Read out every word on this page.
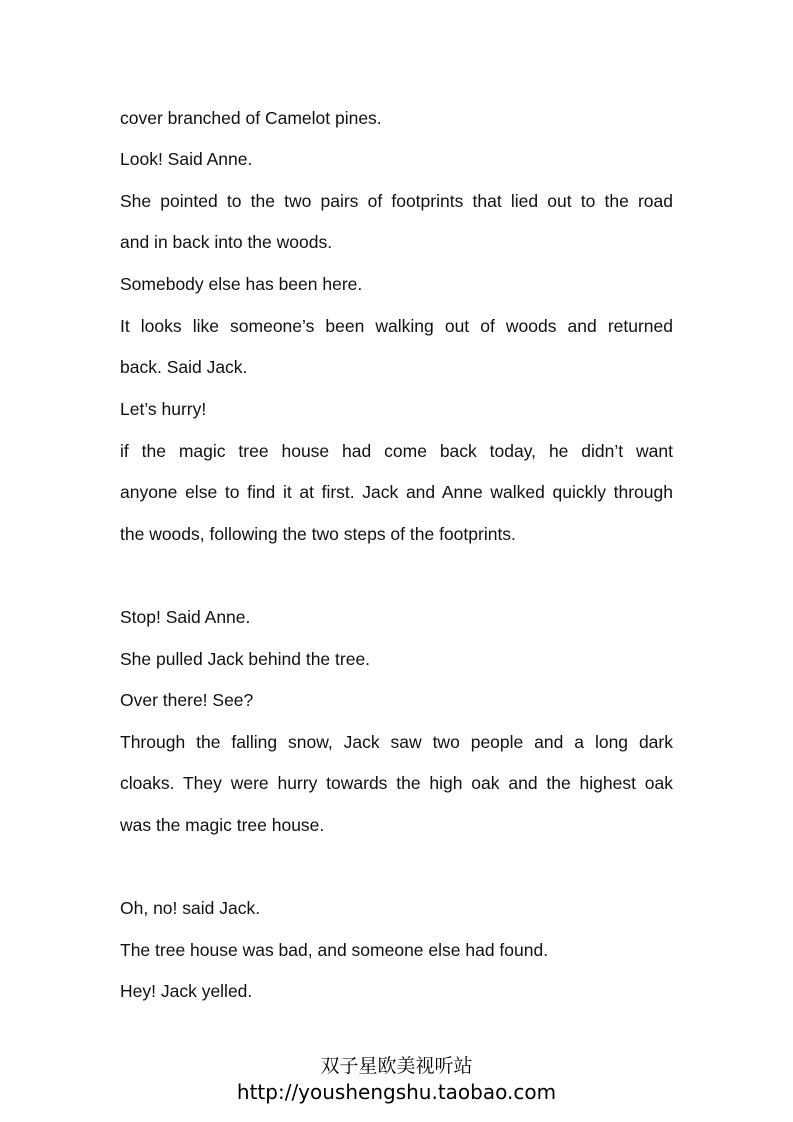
cover branched of Camelot pines.
Look! Said Anne.
She pointed to the two pairs of footprints that lied out to the road
and in back into the woods.
Somebody else has been here.
It looks like someone’s been walking out of woods and returned
back. Said Jack.
Let’s hurry!
if the magic tree house had come back today, he didn’t want
anyone else to find it at first. Jack and Anne walked quickly through
the woods, following the two steps of the footprints.
Stop! Said Anne.
She pulled Jack behind the tree.
Over there! See?
Through the falling snow, Jack saw two people and a long dark
cloaks. They were hurry towards the high oak and the highest oak
was the magic tree house.
Oh, no! said Jack.
The tree house was bad, and someone else had found.
Hey! Jack yelled.
双子星欧美视听站
http://youshengshu.taobao.com
